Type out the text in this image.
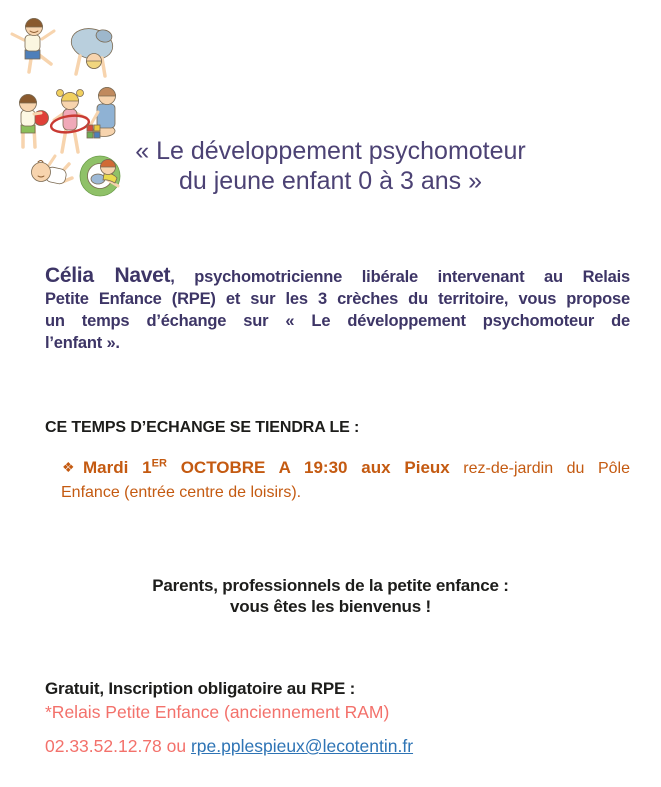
« Le développement psychomoteur
du jeune enfant 0 à 3 ans »
Célia Navet, psychomotricienne libérale intervenant au Relais
Petite Enfance (RPE) et sur les 3 crèches du territoire, vous propose
un temps d’échange sur « Le développement psychomoteur de
l’enfant ».
CE TEMPS D’ECHANGE SE TIENDRA LE :
❖ Mardi 1ER OCTOBRE A 19:30 aux Pieux rez-de-jardin du Pôle
Enfance (entrée centre de loisirs).
Parents, professionnels de la petite enfance :
vous êtes les bienvenus !
Gratuit, Inscription obligatoire au RPE :
*Relais Petite Enfance (anciennement RAM)
02.33.52.12.78 ou rpe.pplespieux@lecotentin.fr
